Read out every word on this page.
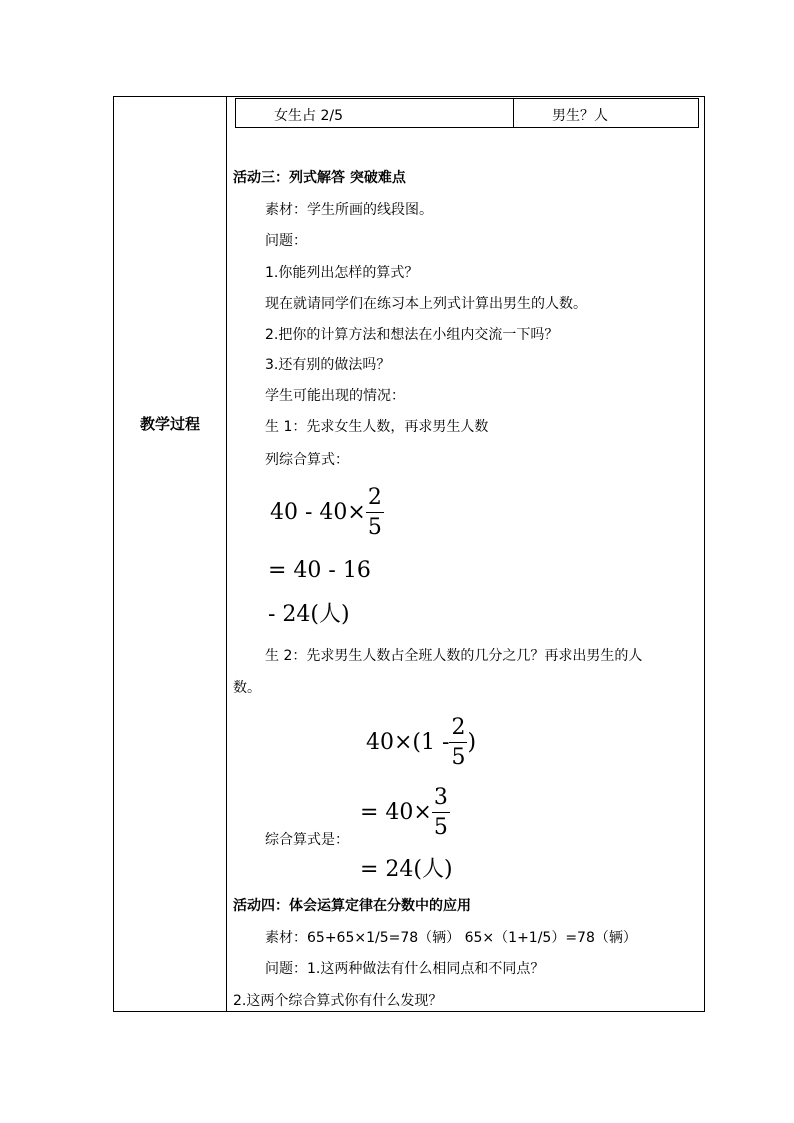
教学过程
女生占 2/5	男生？人
活动三：列式解答 突破难点
素材：学生所画的线段图。
问题：
1.你能列出怎样的算式？
现在就请同学们在练习本上列式计算出男生的人数。
2.把你的计算方法和想法在小组内交流一下吗？
3.还有别的做法吗？
学生可能出现的情况：
生 1：先求女生人数，再求男生人数
列综合算式：
$40 - 40\times \frac{2}{5}$
= 40 - 16
- 24(人)
生 2：先求男生人数占全班人数的几分之几？再求出男生的人
数。
$40\times(1 - \frac{2}{5}$ )
= $40\times \frac{3}{5}$
综合算式是：
= 24(人)
活动四：体会运算定律在分数中的应用
素材：65+65×1/5=78（辆） 65×（1+1/5）=78（辆）
问题：1.这两种做法有什么相同点和不同点？
2.这两个综合算式你有什么发现？
